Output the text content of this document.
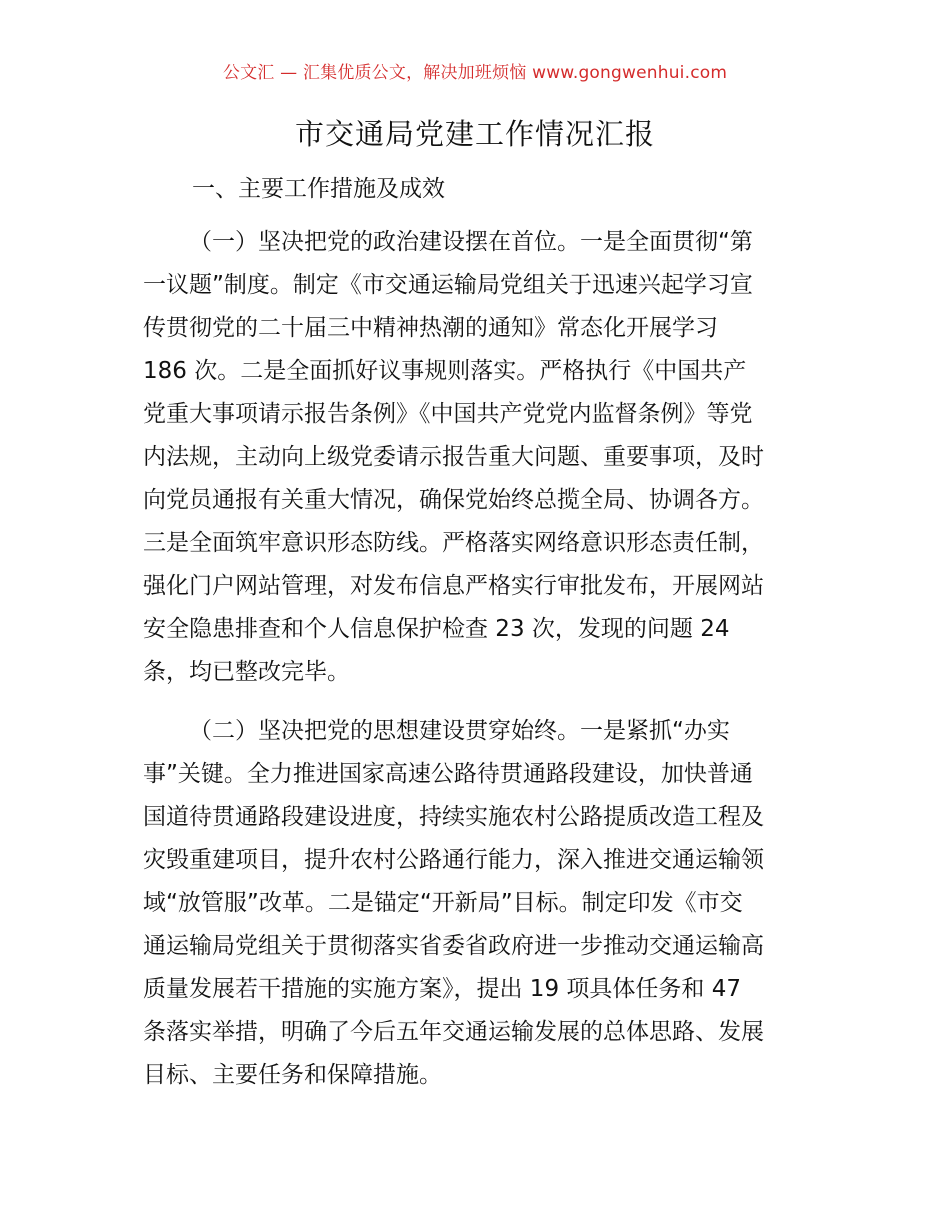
公文汇 — 汇集优质公文，解决加班烦恼 www.gongwenhui.com
市交通局党建工作情况汇报
一、主要工作措施及成效
（一）坚决把党的政治建设摆在首位。一是全面贯彻“第
一议题”制度。制定《市交通运输局党组关于迅速兴起学习宣
传贯彻党的二十届三中精神热潮的通知》常态化开展学习
186 次。二是全面抓好议事规则落实。严格执行《中国共产
党重大事项请示报告条例》《中国共产党党内监督条例》等党
内法规，主动向上级党委请示报告重大问题、重要事项，及时
向党员通报有关重大情况，确保党始终总揽全局、协调各方。
三是全面筑牢意识形态防线。严格落实网络意识形态责任制，
强化门户网站管理，对发布信息严格实行审批发布，开展网站
安全隐患排查和个人信息保护检查 23 次，发现的问题 24
条，均已整改完毕。
（二）坚决把党的思想建设贯穿始终。一是紧抓“办实
事”关键。全力推进国家高速公路待贯通路段建设，加快普通
国道待贯通路段建设进度，持续实施农村公路提质改造工程及
灾毁重建项目，提升农村公路通行能力，深入推进交通运输领
域“放管服”改革。二是锚定“开新局”目标。制定印发《市交
通运输局党组关于贯彻落实省委省政府进一步推动交通运输高
质量发展若干措施的实施方案》，提出 19 项具体任务和 47
条落实举措，明确了今后五年交通运输发展的总体思路、发展
目标、主要任务和保障措施。
